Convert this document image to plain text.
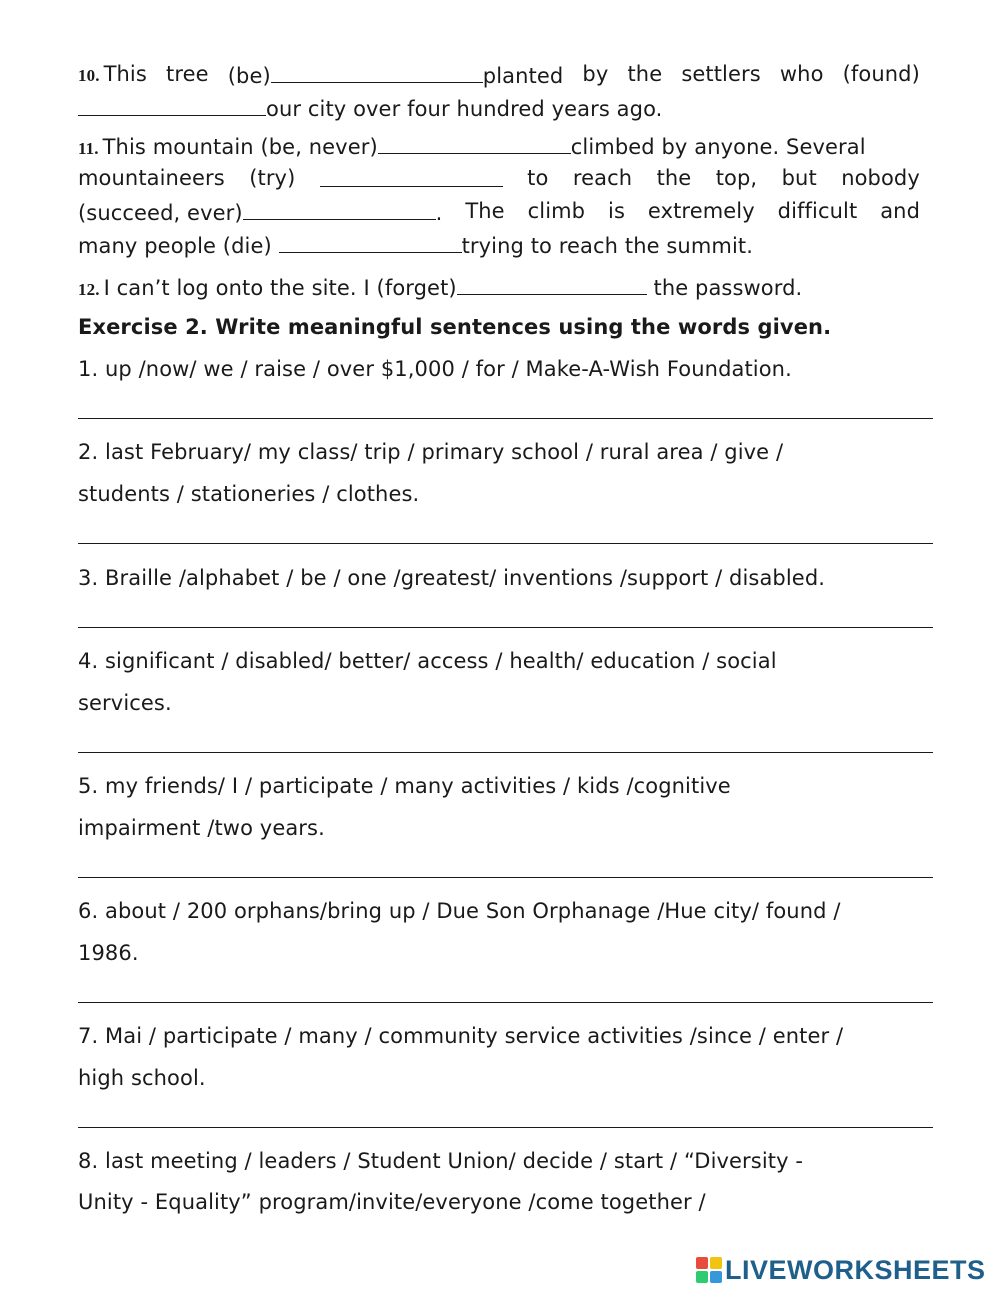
10. This tree (be)	planted by the settlers who (found)
our city over four hundred years ago.
11. This mountain (be, never)	climbed by anyone. Several
mountaineers (try)	to reach the top, but nobody
(succeed, ever)	. The climb is extremely difficult and
many people (die)	trying to reach the summit.
12. I can’t log onto the site. I (forget)	the password.
Exercise 2. Write meaningful sentences using the words given.
1. up /now/ we / raise / over $1,000 / for / Make-A-Wish Foundation.
2. last February/ my class/ trip / primary school / rural area / give /
students / stationeries / clothes.
3. Braille /alphabet / be / one /greatest/ inventions /support / disabled.
4. significant / disabled/ better/ access / health/ education / social
services.
5. my friends/ I / participate / many activities / kids /cognitive
impairment /two years.
6. about / 200 orphans/bring up / Due Son Orphanage /Hue city/ found /
1986.
7. Mai / participate / many / community service activities /since / enter /
high school.
8. last meeting / leaders / Student Union/ decide / start / “Diversity -
Unity - Equality” program/invite/everyone /come together /
LIVEWORKSHEETS
